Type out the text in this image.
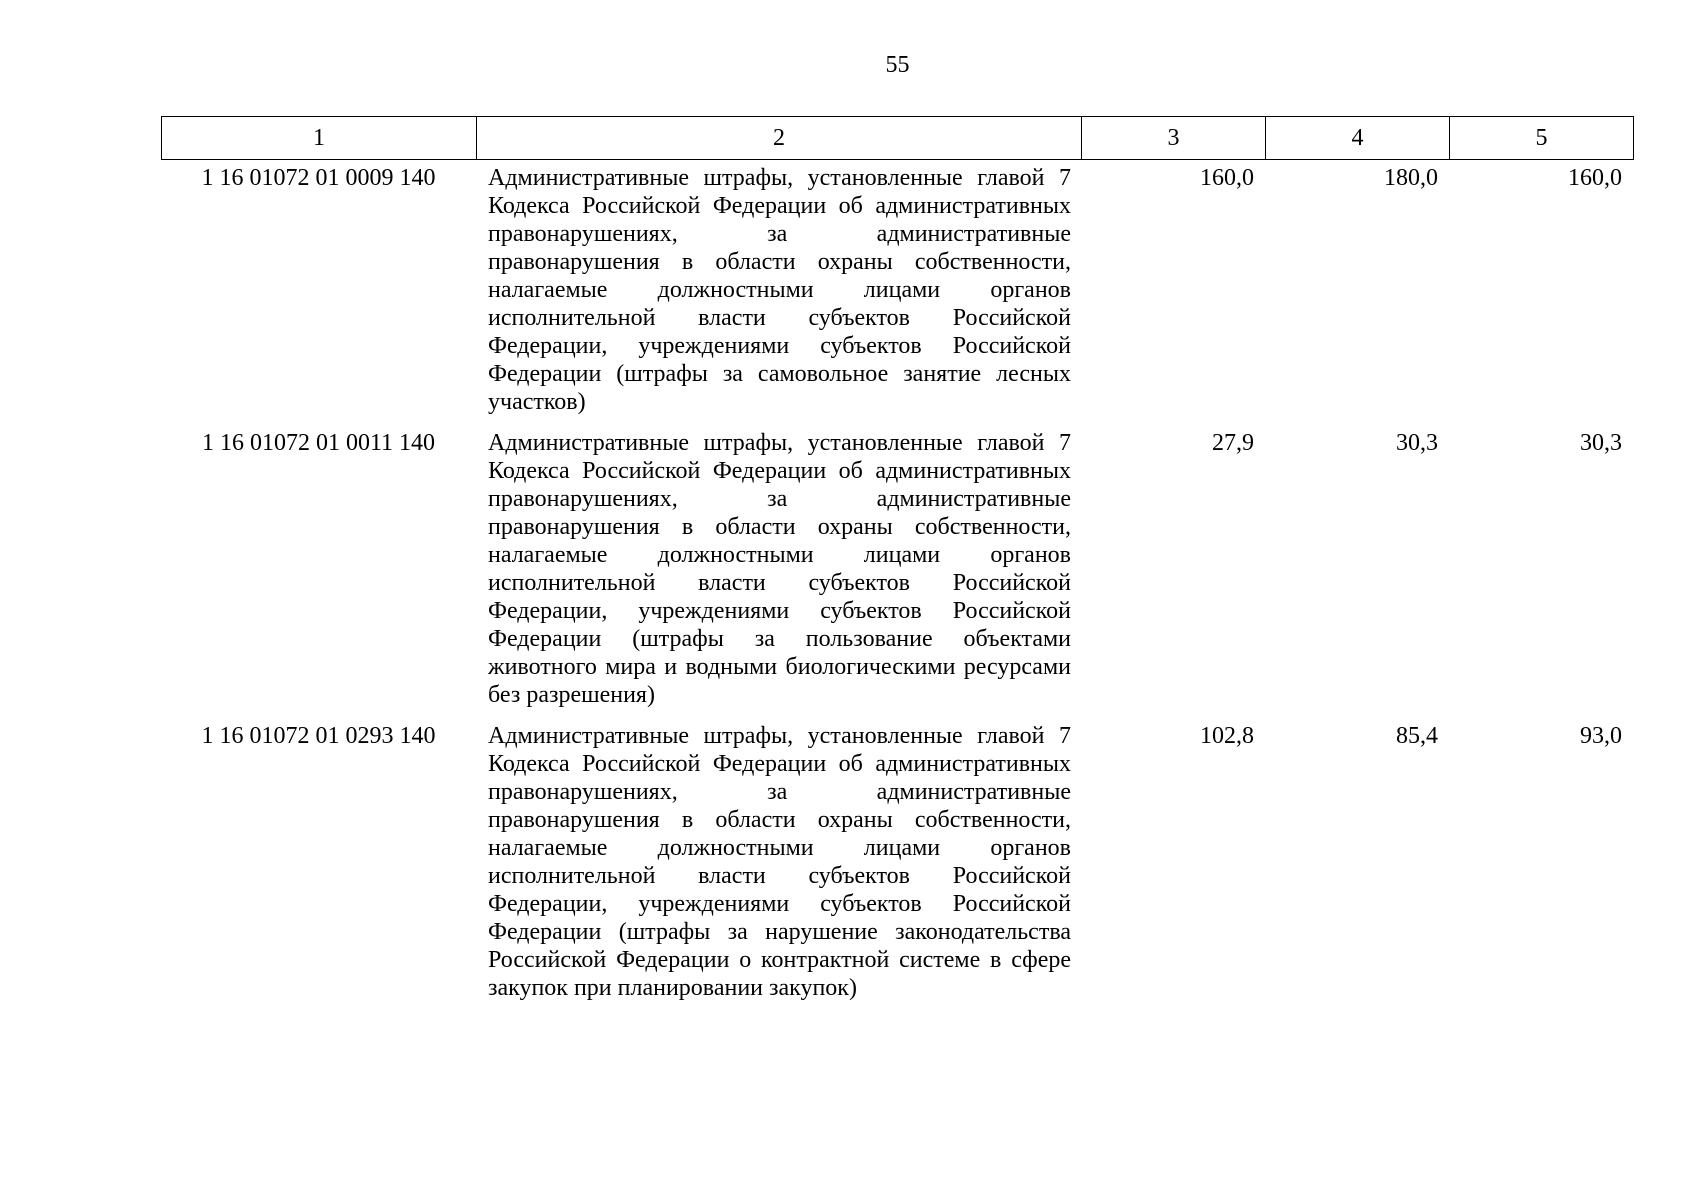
55
1	2	3	4	5
1 16 01072 01 0009 140	Административные штрафы, установленные главой 7 Кодекса Российской Федерации об административных правонарушениях, за административные правонарушения в области охраны собственности, налагаемые должностными лицами органов исполнительной власти субъектов Российской Федерации, учреждениями субъектов Российской Федерации (штрафы за самовольное занятие лесных участков)	160,0	180,0	160,0
1 16 01072 01 0011 140	Административные штрафы, установленные главой 7 Кодекса Российской Федерации об административных правонарушениях, за административные правонарушения в области охраны собственности, налагаемые должностными лицами органов исполнительной власти субъектов Российской Федерации, учреждениями субъектов Российской Федерации (штрафы за пользование объектами животного мира и водными биологическими ресурсами без разрешения)	27,9	30,3	30,3
1 16 01072 01 0293 140	Административные штрафы, установленные главой 7 Кодекса Российской Федерации об административных правонарушениях, за административные правонарушения в области охраны собственности, налагаемые должностными лицами органов исполнительной власти субъектов Российской Федерации, учреждениями субъектов Российской Федерации (штрафы за нарушение законодательства Российской Федерации о контрактной системе в сфере закупок при планировании закупок)	102,8	85,4	93,0
